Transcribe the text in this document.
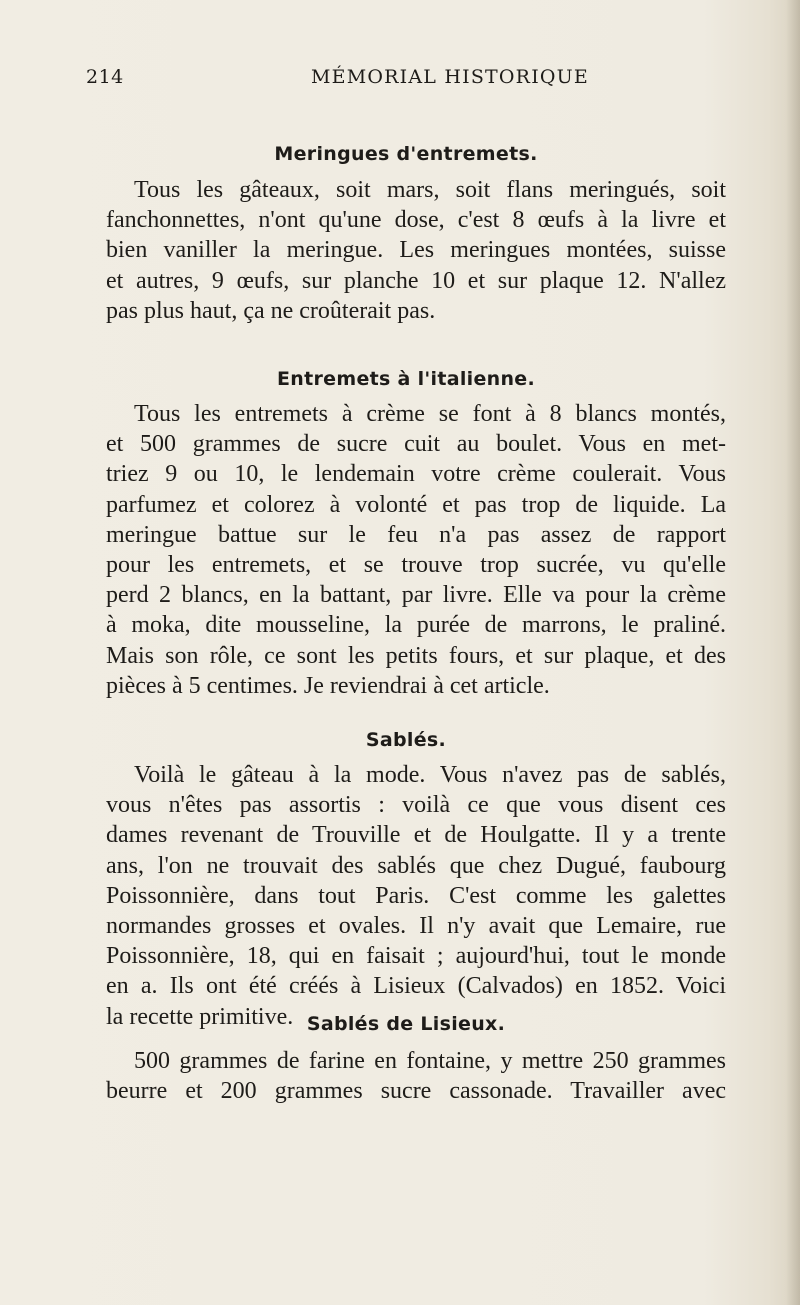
214	MÉMORIAL HISTORIQUE
Meringues d'entremets.

Tous les gâteaux, soit mars, soit flans meringués, soit
fanchonnettes, n'ont qu'une dose, c'est 8 œufs à la livre et
bien vaniller la meringue. Les meringues montées, suisse
et autres, 9 œufs, sur planche 10 et sur plaque 12. N'allez
pas plus haut, ça ne croûterait pas.

Entremets à l'italienne.

Tous les entremets à crème se font à 8 blancs montés,
et 500 grammes de sucre cuit au boulet. Vous en met-
triez 9 ou 10, le lendemain votre crème coulerait. Vous
parfumez et colorez à volonté et pas trop de liquide. La
meringue battue sur le feu n'a pas assez de rapport
pour les entremets, et se trouve trop sucrée, vu qu'elle
perd 2 blancs, en la battant, par livre. Elle va pour la crème
à moka, dite mousseline, la purée de marrons, le praliné.
Mais son rôle, ce sont les petits fours, et sur plaque, et des
pièces à 5 centimes. Je reviendrai à cet article.

Sablés.

Voilà le gâteau à la mode. Vous n'avez pas de sablés,
vous n'êtes pas assortis : voilà ce que vous disent ces
dames revenant de Trouville et de Houlgatte. Il y a trente
ans, l'on ne trouvait des sablés que chez Dugué, faubourg
Poissonnière, dans tout Paris. C'est comme les galettes
normandes grosses et ovales. Il n'y avait que Lemaire, rue
Poissonnière, 18, qui en faisait ; aujourd'hui, tout le monde
en a. Ils ont été créés à Lisieux (Calvados) en 1852. Voici
la recette primitive. Sablés de Lisieux.

500 grammes de farine en fontaine, y mettre 250 grammes
beurre et 200 grammes sucre cassonade. Travailler avec
